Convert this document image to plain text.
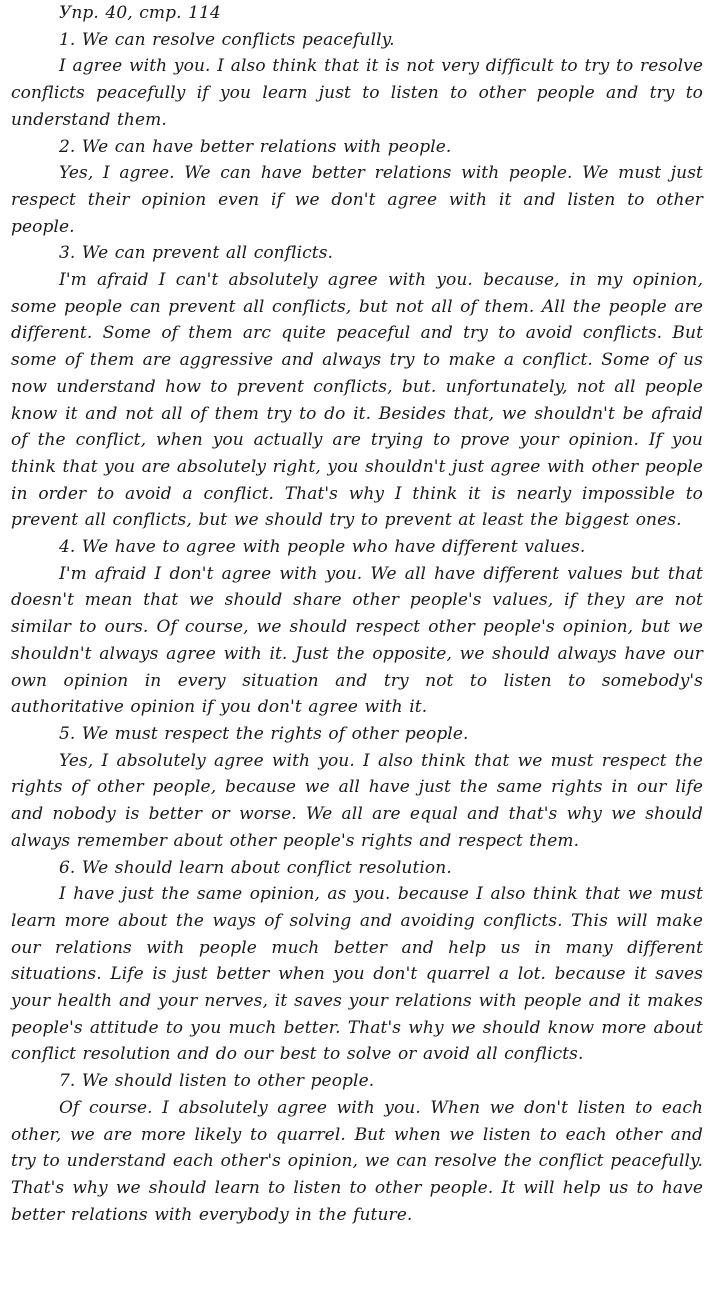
Упр. 40, стр. 114

1. We can resolve conflicts peacefully.

I agree with you. I also think that it is not very difficult to try to resolve conflicts peacefully if you learn just to listen to other people and try to understand them.

2. We can have better relations with people.

Yes, I agree. We can have better relations with people. We must just respect their opinion even if we don't agree with it and listen to other people.

3. We can prevent all conflicts.

I'm afraid I can't absolutely agree with you. because, in my opinion, some people can prevent all conflicts, but not all of them. All the people are different. Some of them arc quite peaceful and try to avoid conflicts. But some of them are aggressive and always try to make a conflict. Some of us now understand how to prevent conflicts, but. unfortunately, not all people know it and not all of them try to do it. Besides that, we shouldn't be afraid of the conflict, when you actually are trying to prove your opinion. If you think that you are absolutely right, you shouldn't just agree with other people in order to avoid a conflict. That's why I think it is nearly impossible to prevent all conflicts, but we should try to prevent at least the biggest ones.

4. We have to agree with people who have different values.

I'm afraid I don't agree with you. We all have different values but that doesn't mean that we should share other people's values, if they are not similar to ours. Of course, we should respect other people's opinion, but we shouldn't always agree with it. Just the opposite, we should always have our own opinion in every situation and try not to listen to somebody's authoritative opinion if you don't agree with it.

5. We must respect the rights of other people.

Yes, I absolutely agree with you. I also think that we must respect the rights of other people, because we all have just the same rights in our life and nobody is better or worse. We all are equal and that's why we should always remember about other people's rights and respect them.

6. We should learn about conflict resolution.

I have just the same opinion, as you. because I also think that we must learn more about the ways of solving and avoiding conflicts. This will make our relations with people much better and help us in many different situations. Life is just better when you don't quarrel a lot. because it saves your health and your nerves, it saves your relations with people and it makes people's attitude to you much better. That's why we should know more about conflict resolution and do our best to solve or avoid all conflicts.

7. We should listen to other people.

Of course. I absolutely agree with you. When we don't listen to each other, we are more likely to quarrel. But when we listen to each other and try to understand each other's opinion, we can resolve the conflict peacefully. That's why we should learn to listen to other people. It will help us to have better relations with everybody in the future.
